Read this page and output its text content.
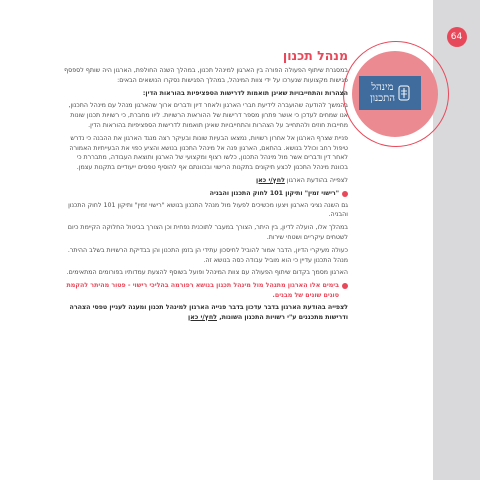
64
מינהל
התכנון
מנהל תכנון

במסגרת שיתוף הפעולה הפורה בין הארגון למינהל תכנון, במהלך השנה החולפת, הארגון היה שותף לספסף פגישות מקצועות שנערכו על ידי צוות המינהל, במהלך הפגישות נסקרו הנושאים הבאים:

הצהרות והתחייבויות שאינן תואמות לדרישות הספציפיות בהוראות הדין:

בהמשך להודעה שהועברה לידיעת חברי הארגון ולאחר דיון ודברים ארוך שהארגון מנהל עם מינהל התכנון, אנו שמחים לעדכן כי אושר פתרון מספר דרישות של ההוראות הרשויות. ליוו מחברת, כי רשויות תכנון שונות מחייבות חוזים ולהתחייב על הצהרות והתחייבויות שאינן תואמות לדרישות הספציפיות בהוראות הדין.

פניית שצרף הארגון אל אחרון רשויות, נמצאו הבעיות שונות ובעיקר רצה מנגד הארגון את ההבנה כי נדרש טיפול רחב וכולל בנושא. בהתאם, הארגון פנה אל מינהל התכנון בנושא והציע כפוי את הבעייתיות האמורה לאחר דין ודברים אשר מול מינהל התכנון, כלשו רצוף ומקצועי של הארגון ותוצאת העבודה, מתבררת כי בכוונת מינהל התכנון לכצע תיקונים בתקנות הרישוי ובכוונתם אף להוסיף טפסים ייעודיים בתקנות עצמן.

לצפייה בהודעת הארגון לחץ/י כאן

"רישוי זמין" ותיקון 101 לחוק התכנון והבניה

גם השנה נציגי הארגון ויצעו מכשיכים לפעול מול מנהל התכנון בנושא "רישוי זמין" ותיקון 101 לחוק התכנון והבניה.

במהלך אלו, הועלה לדיון, בין היתר, הצורך במעבר לתוכנית נפחית וכן הצורך בביטול החלוקה הקיימת כיום לשטחים עיקריים ושטחי שירות.

כעולה מעיקרי הדיון, הדבר אמור להוביל לחיסכון עתידי הן בזמן התכנון והן בבדיקת הרשויות בשלב ההיתר. מנהל התכנון עדיין כי הוא מוביל עבודה כסה בנושא זה.

הארגון מסמך בקדום שיתוף הפעולה עם צוות המינהל ופועל בשוסף להצעת עמדותיו בפורומים המתאימים.

בימים אלו הארגון מתנהל מול מינהל תכנון בנושא רפורמה בהליכי רישוי - פטור מהיתר להקמת סוגים שונים של מבנים.

לצפייה בהודעת הארגון בדבר עדכון בדבר פנייה הארגון למינהל תכנון ומענה לעניין טפסי הצהרה ודרישות מתכננים ע"י רשויות התכנון השונות, לחץ/י כאן
